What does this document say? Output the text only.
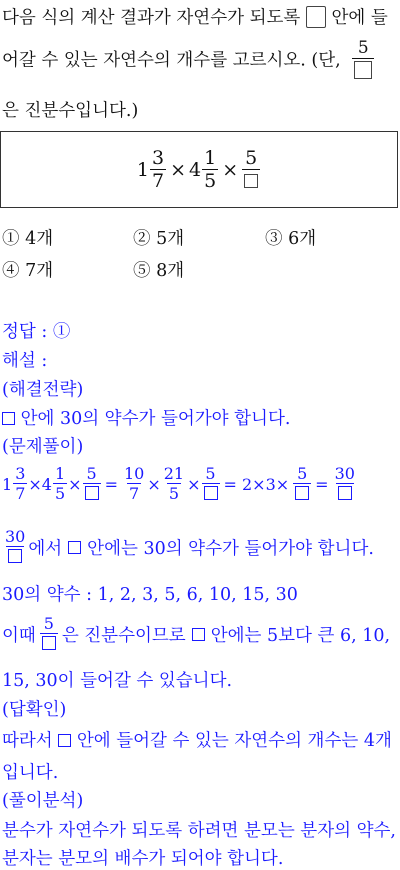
다음 식의 계산 결과가 자연수가 되도록 안에 들
어갈 수 있는 자연수의 개수를 고르시오. (단,
5
은 진분수입니다.)
$1 \frac{3}{7} \times 4 \frac{1}{5}$ ×
5
① 4개	② 5개	③ 6개
④ 7개	⑤ 8개
정답 : ①
해설 :
(해결전략)
안에 30의 약수가 들어가야 합니다.
(문제풀이)
$1 \frac{3}{7} \times 4 \frac{1}{5}$ ×
5
= $\frac{10}{7} \times \frac{21}{5}$ ×
5
= 2×3×
5
=
30
30
에서 안에는 30의 약수가 들어가야 합니다.
30의 약수 : 1, 2, 3, 5, 6, 10, 15, 30
이때
5
은 진분수이므로 안에는 5보다 큰 6, 10,
15, 30이 들어갈 수 있습니다.
(답확인)
따라서 안에 들어갈 수 있는 자연수의 개수는 4개
입니다.
(풀이분석)
분수가 자연수가 되도록 하려면 분모는 분자의 약수,
분자는 분모의 배수가 되어야 합니다.
